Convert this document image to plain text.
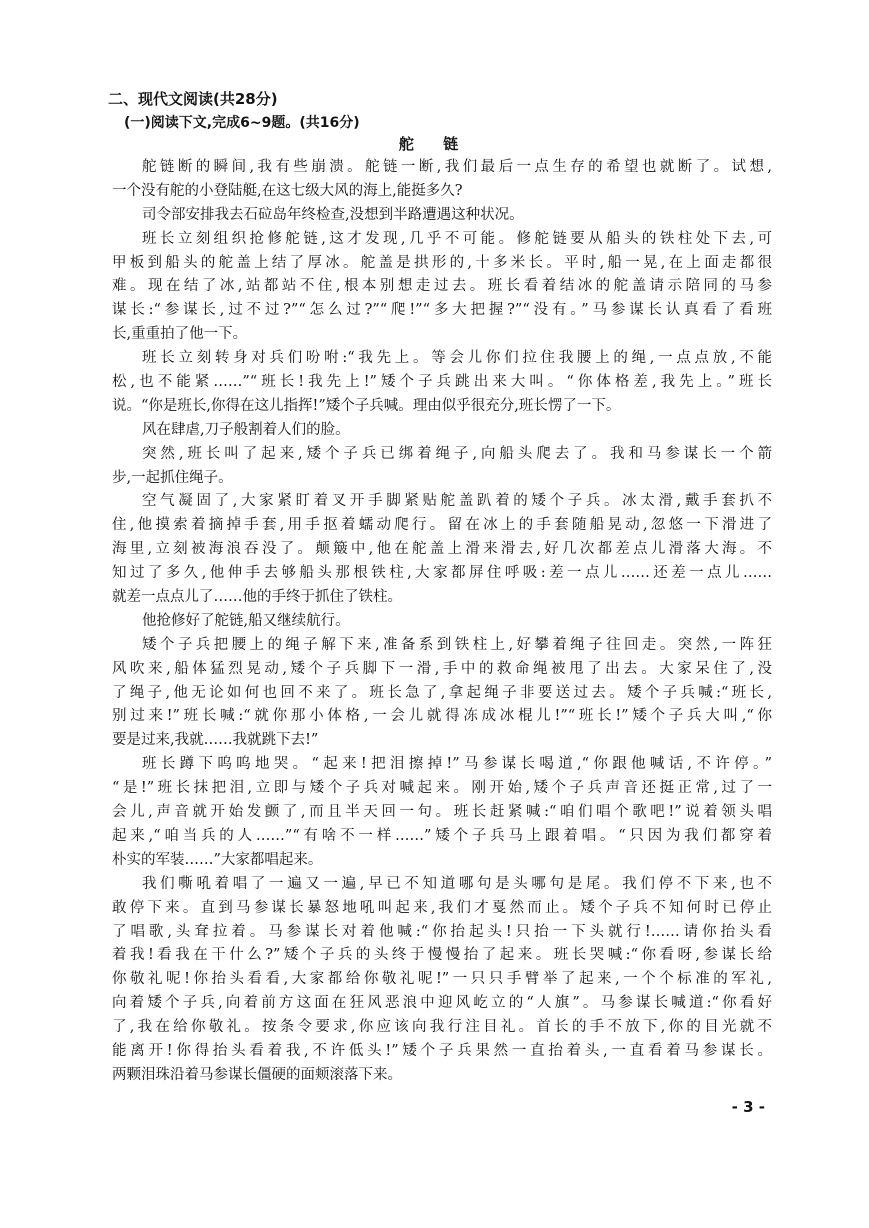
二、现代文阅读(共28分)
(一)阅读下文,完成6~9题。(共16分)
舵 链
舵链断的瞬间,我有些崩溃。舵链一断,我们最后一点生存的希望也就断了。试想,
一个没有舵的小登陆艇,在这七级大风的海上,能挺多久?
司令部安排我去石砬岛年终检查,没想到半路遭遇这种状况。
班长立刻组织抢修舵链,这才发现,几乎不可能。修舵链要从船头的铁柱处下去,可
甲板到船头的舵盖上结了厚冰。舵盖是拱形的,十多米长。平时,船一晃,在上面走都很
难。现在结了冰,站都站不住,根本别想走过去。班长看着结冰的舵盖请示陪同的马参
谋长:“参谋长,过不过?”“怎么过?”“爬!”“多大把握?”“没有。”马参谋长认真看了看班
长,重重拍了他一下。
班长立刻转身对兵们吩咐:“我先上。等会儿你们拉住我腰上的绳,一点点放,不能
松,也不能紧……”“班长!我先上!”矮个子兵跳出来大叫。“你体格差,我先上。”班长
说。“你是班长,你得在这儿指挥!”矮个子兵喊。理由似乎很充分,班长愣了一下。
风在肆虐,刀子般割着人们的脸。
突然,班长叫了起来,矮个子兵已绑着绳子,向船头爬去了。我和马参谋长一个箭
步,一起抓住绳子。
空气凝固了,大家紧盯着叉开手脚紧贴舵盖趴着的矮个子兵。冰太滑,戴手套扒不
住,他摸索着摘掉手套,用手抠着蠕动爬行。留在冰上的手套随船晃动,忽悠一下滑进了
海里,立刻被海浪吞没了。颠簸中,他在舵盖上滑来滑去,好几次都差点儿滑落大海。不
知过了多久,他伸手去够船头那根铁柱,大家都屏住呼吸:差一点儿……还差一点儿……
就差一点点儿了……他的手终于抓住了铁柱。
他抢修好了舵链,船又继续航行。
矮个子兵把腰上的绳子解下来,准备系到铁柱上,好攀着绳子往回走。突然,一阵狂
风吹来,船体猛烈晃动,矮个子兵脚下一滑,手中的救命绳被甩了出去。大家呆住了,没
了绳子,他无论如何也回不来了。班长急了,拿起绳子非要送过去。矮个子兵喊:“班长,
别过来!”班长喊:“就你那小体格,一会儿就得冻成冰棍儿!”“班长!”矮个子兵大叫,“你
要是过来,我就……我就跳下去!”
班长蹲下呜呜地哭。“起来!把泪擦掉!”马参谋长喝道,“你跟他喊话,不许停。”
“是!”班长抹把泪,立即与矮个子兵对喊起来。刚开始,矮个子兵声音还挺正常,过了一
会儿,声音就开始发颤了,而且半天回一句。班长赶紧喊:“咱们唱个歌吧!”说着领头唱
起来,“咱当兵的人……”“有啥不一样……”矮个子兵马上跟着唱。“只因为我们都穿着
朴实的军装……”大家都唱起来。
我们嘶吼着唱了一遍又一遍,早已不知道哪句是头哪句是尾。我们停不下来,也不
敢停下来。直到马参谋长暴怒地吼叫起来,我们才戛然而止。矮个子兵不知何时已停止
了唱歌,头耷拉着。马参谋长对着他喊:“你抬起头!只抬一下头就行!……请你抬头看
着我!看我在干什么?”矮个子兵的头终于慢慢抬了起来。班长哭喊:“你看呀,参谋长给
你敬礼呢!你抬头看看,大家都给你敬礼呢!”一只只手臂举了起来,一个个标准的军礼,
向着矮个子兵,向着前方这面在狂风恶浪中迎风屹立的“人旗”。马参谋长喊道:“你看好
了,我在给你敬礼。按条令要求,你应该向我行注目礼。首长的手不放下,你的目光就不
能离开!你得抬头看着我,不许低头!”矮个子兵果然一直抬着头,一直看着马参谋长。
两颗泪珠沿着马参谋长僵硬的面颊滚落下来。
- 3 -
